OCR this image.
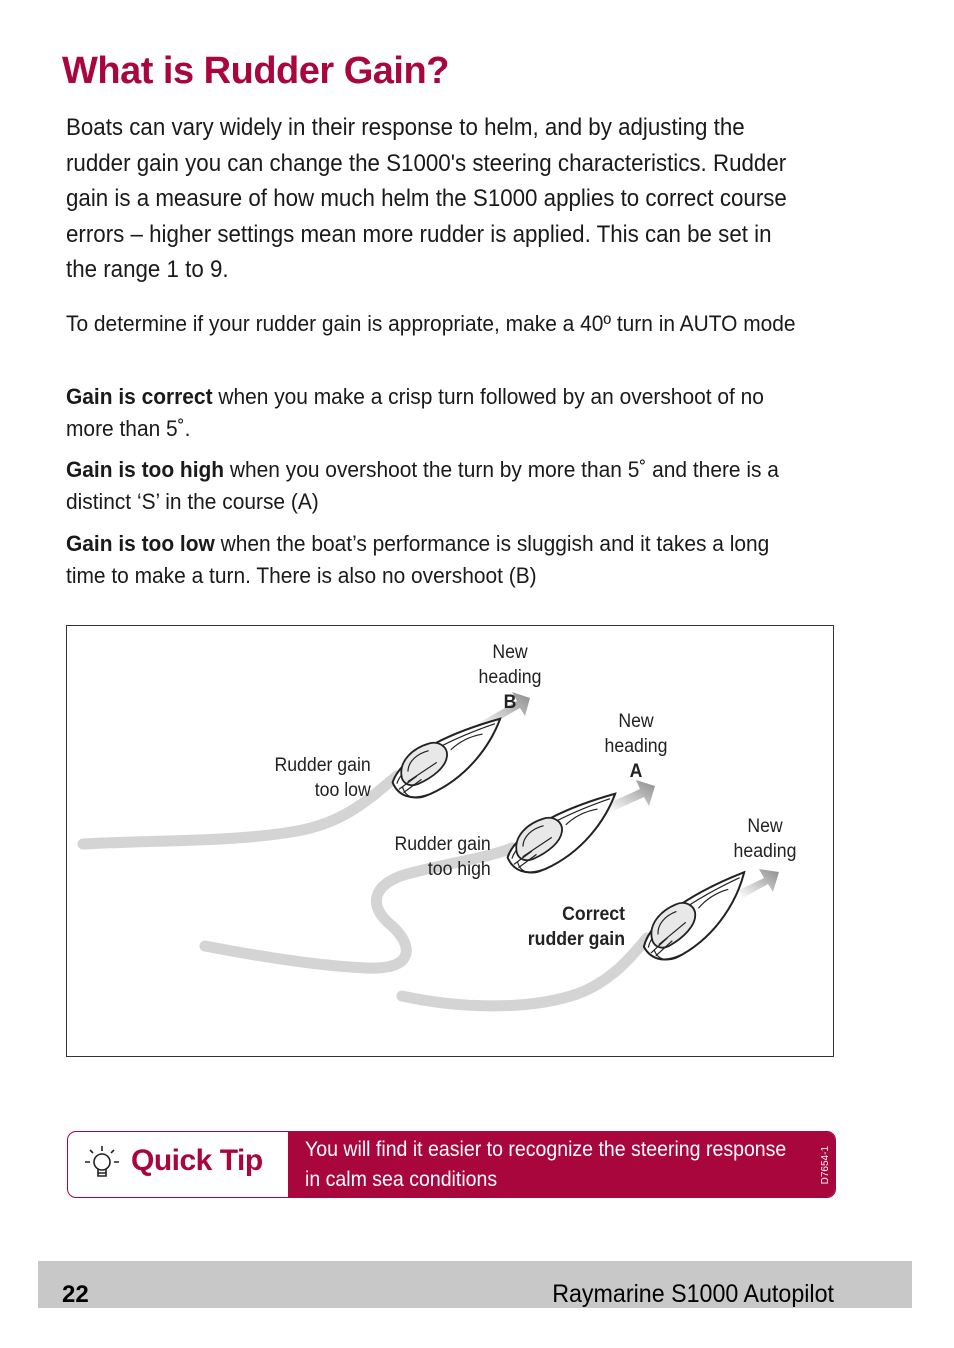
What is Rudder Gain?

Boats can vary widely in their response to helm, and by adjusting the rudder gain you can change the S1000's steering characteristics. Rudder gain is a measure of how much helm the S1000 applies to correct course errors – higher settings mean more rudder is applied. This can be set in the range 1 to 9.

To determine if your rudder gain is appropriate, make a 40º turn in AUTO mode

Gain is correct when you make a crisp turn followed by an overshoot of no more than 5˚.

Gain is too high when you overshoot the turn by more than 5˚ and there is a distinct ‘S’ in the course (A)

Gain is too low when the boat’s performance is sluggish and it takes a long time to make a turn. There is also no overshoot (B)

New
heading
B
New
heading
A
New
heading
Rudder gain
too low
Rudder gain
too high
Correct
rudder gain
Quick Tip You will find it easier to recognize the steering response in calm sea conditions	D7654-1
22	Raymarine S1000 Autopilot
